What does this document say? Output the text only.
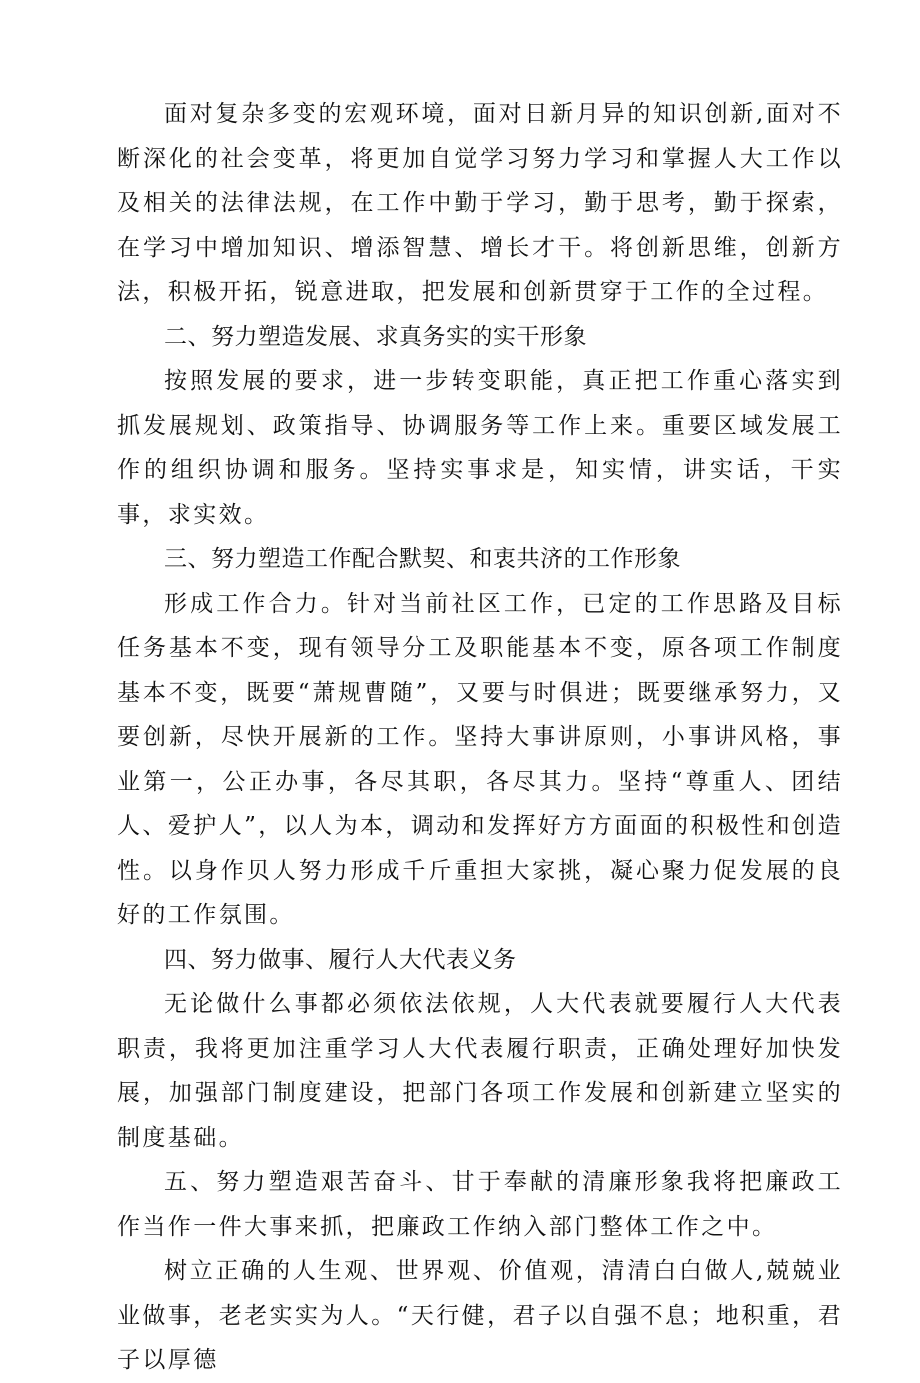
面对复杂多变的宏观环境，面对日新月异的知识创新,面对不断深化的社会变革，将更加自觉学习努力学习和掌握人大工作以及相关的法律法规，在工作中勤于学习，勤于思考，勤于探索，在学习中增加知识、增添智慧、增长才干。将创新思维，创新方法，积极开拓，锐意进取，把发展和创新贯穿于工作的全过程。

二、努力塑造发展、求真务实的实干形象

按照发展的要求，进一步转变职能，真正把工作重心落实到抓发展规划、政策指导、协调服务等工作上来。重要区域发展工作的组织协调和服务。坚持实事求是，知实情，讲实话，干实事，求实效。

三、努力塑造工作配合默契、和衷共济的工作形象

形成工作合力。针对当前社区工作，已定的工作思路及目标任务基本不变，现有领导分工及职能基本不变，原各项工作制度基本不变，既要“萧规曹随”，又要与时俱进；既要继承努力，又要创新，尽快开展新的工作。坚持大事讲原则，小事讲风格，事业第一，公正办事，各尽其职，各尽其力。坚持“尊重人、团结人、爱护人”，以人为本，调动和发挥好方方面面的积极性和创造性。以身作贝人努力形成千斤重担大家挑，凝心聚力促发展的良好的工作氛围。

四、努力做事、履行人大代表义务

无论做什么事都必须依法依规，人大代表就要履行人大代表职责，我将更加注重学习人大代表履行职责，正确处理好加快发展，加强部门制度建设，把部门各项工作发展和创新建立坚实的制度基础。

五、努力塑造艰苦奋斗、甘于奉献的清廉形象我将把廉政工作当作一件大事来抓，把廉政工作纳入部门整体工作之中。

树立正确的人生观、世界观、价值观，清清白白做人,兢兢业业做事，老老实实为人。“天行健，君子以自强不息；地积重，君子以厚德
